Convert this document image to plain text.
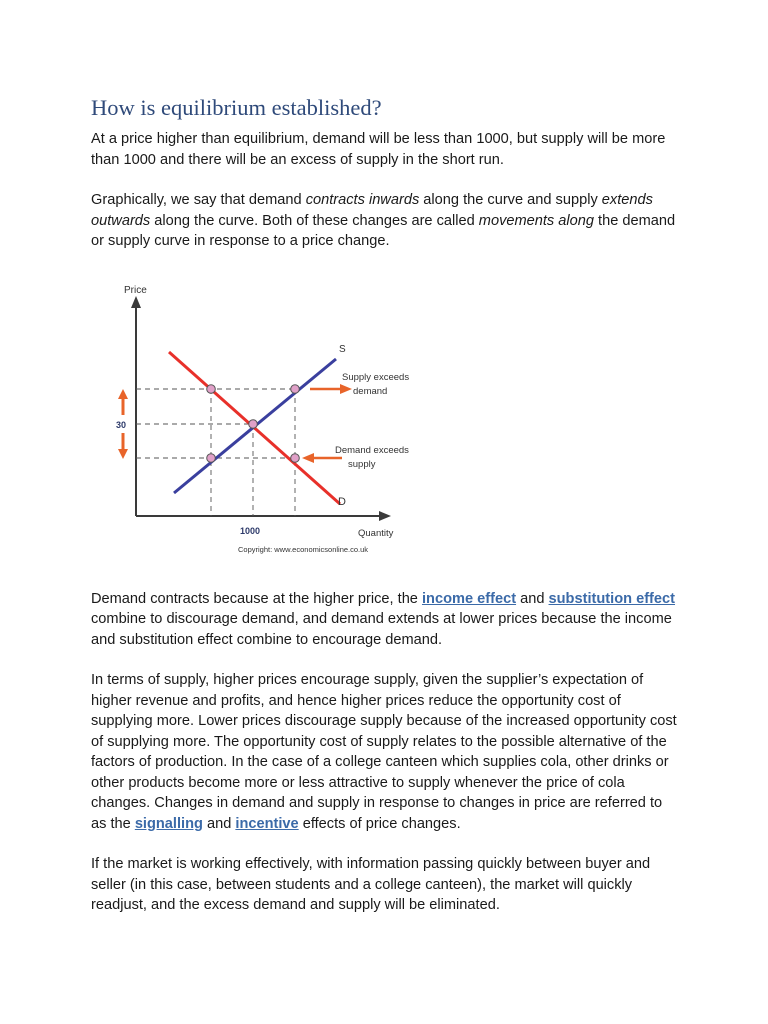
How is equilibrium established?

At a price higher than equilibrium, demand will be less than 1000, but supply will be more than 1000 and there will be an excess of supply in the short run.

Graphically, we say that demand contracts inwards along the curve and supply extends outwards along the curve. Both of these changes are called movements along the demand or supply curve in response to a price change.

Price
S
D
30
Supply exceeds
demand
Demand exceeds
supply
1000	Quantity
Copyright: www.economicsonline.co.uk

Demand contracts because at the higher price, the income effect and substitution effect combine to discourage demand, and demand extends at lower prices because the income and substitution effect combine to encourage demand.

In terms of supply, higher prices encourage supply, given the supplier’s expectation of higher revenue and profits, and hence higher prices reduce the opportunity cost of supplying more. Lower prices discourage supply because of the increased opportunity cost of supplying more. The opportunity cost of supply relates to the possible alternative of the factors of production. In the case of a college canteen which supplies cola, other drinks or other products become more or less attractive to supply whenever the price of cola changes. Changes in demand and supply in response to changes in price are referred to as the signalling and incentive effects of price changes.

If the market is working effectively, with information passing quickly between buyer and seller (in this case, between students and a college canteen), the market will quickly readjust, and the excess demand and supply will be eliminated.
